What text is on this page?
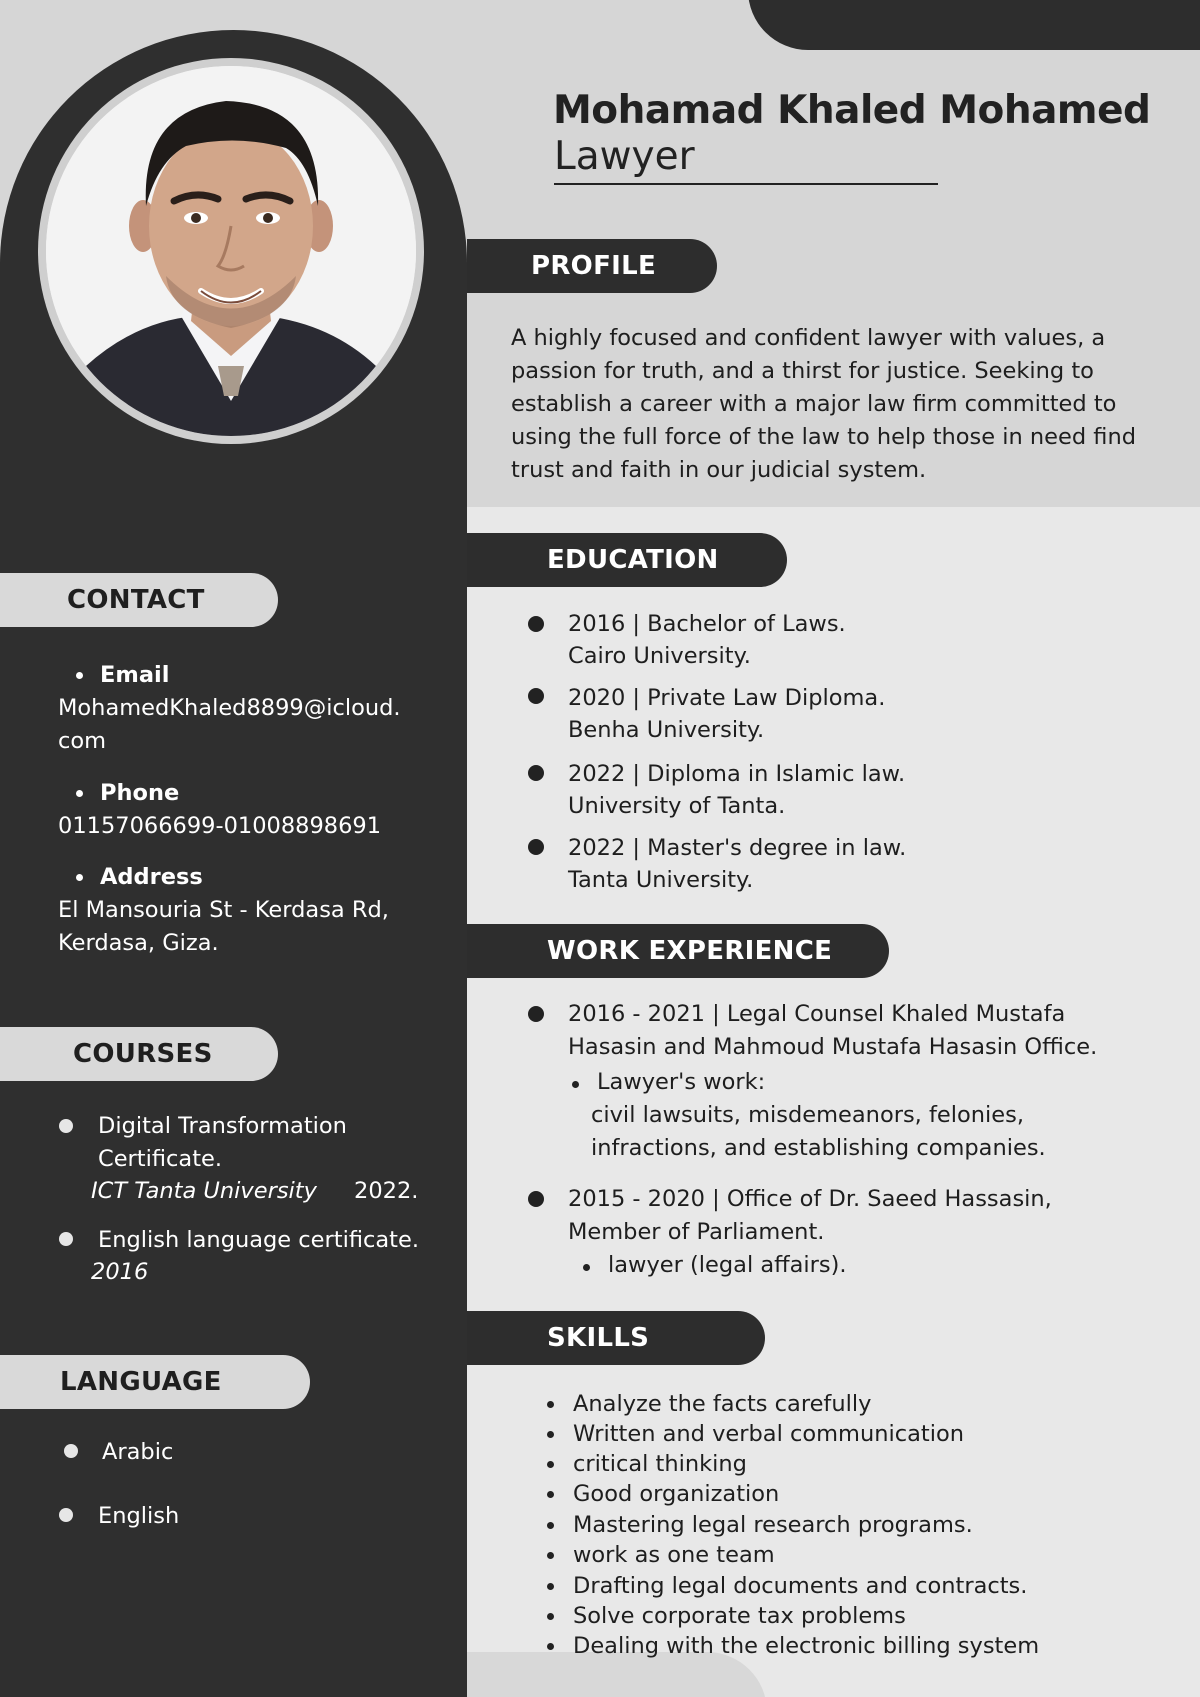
Mohamad Khaled Mohamed
Lawyer
PROFILE
A highly focused and confident lawyer with values, a passion for truth, and a thirst for justice. Seeking to establish a career with a major law firm committed to using the full force of the law to help those in need find trust and faith in our judicial system.
EDUCATION
2016 | Bachelor of Laws.
Cairo University.
2020 | Private Law Diploma.
Benha University.
2022 | Diploma in Islamic law.
University of Tanta.
2022 | Master's degree in law.
Tanta University.
WORK EXPERIENCE
2016 - 2021 | Legal Counsel Khaled Mustafa
Hasasin and Mahmoud Mustafa Hasasin Office.
Lawyer's work:
civil lawsuits, misdemeanors, felonies,
infractions, and establishing companies.
2015 - 2020 | Office of Dr. Saeed Hassasin,
Member of Parliament.
lawyer (legal affairs).
SKILLS
Analyze the facts carefully
Written and verbal communication
critical thinking
Good organization
Mastering legal research programs.
work as one team
Drafting legal documents and contracts.
Solve corporate tax problems
Dealing with the electronic billing system
CONTACT
Email
MohamedKhaled8899@icloud.
com
Phone
01157066699-01008898691
Address
El Mansouria St - Kerdasa Rd,
Kerdasa, Giza.
COURSES
Digital Transformation
Certificate.
ICT Tanta University 2022.
English language certificate.
2016
LANGUAGE
Arabic
English
